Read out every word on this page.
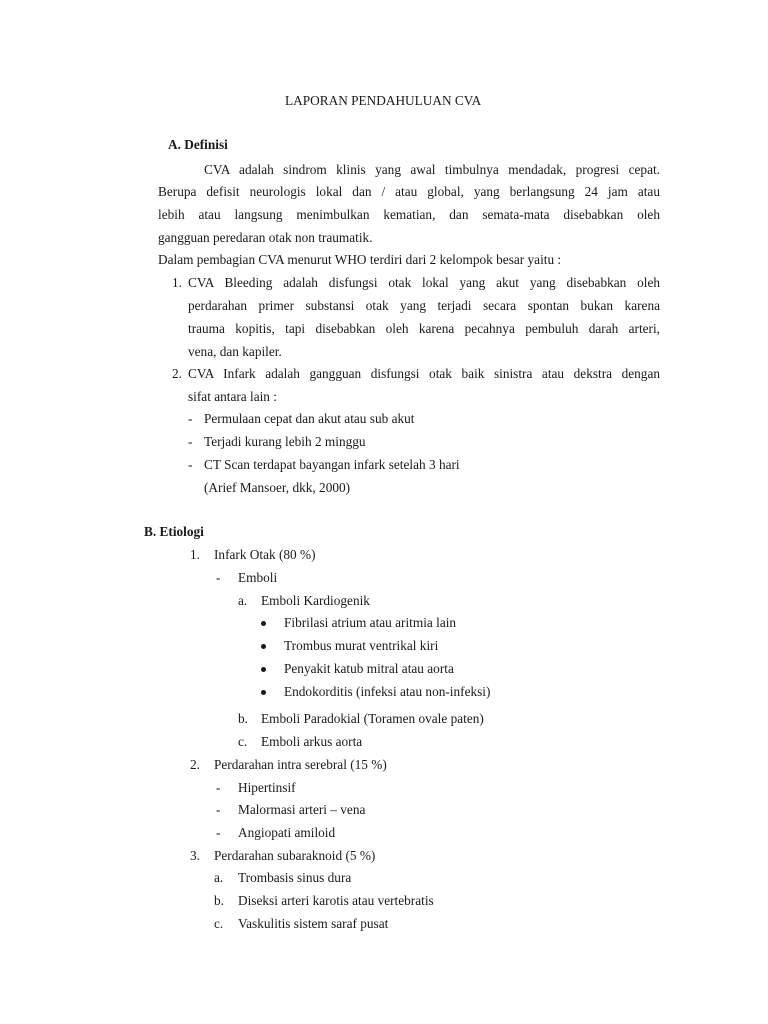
LAPORAN PENDAHULUAN CVA
A. Definisi
CVA adalah sindrom klinis yang awal timbulnya mendadak, progresi cepat.
Berupa defisit neurologis lokal dan / atau global, yang berlangsung 24 jam atau
lebih atau langsung menimbulkan kematian, dan semata-mata disebabkan oleh
gangguan peredaran otak non traumatik.
Dalam pembagian CVA menurut WHO terdiri dari 2 kelompok besar yaitu :
1. CVA Bleeding adalah disfungsi otak lokal yang akut yang disebabkan oleh
perdarahan primer substansi otak yang terjadi secara spontan bukan karena
trauma kopitis, tapi disebabkan oleh karena pecahnya pembuluh darah arteri,
vena, dan kapiler.
2. CVA Infark adalah gangguan disfungsi otak baik sinistra atau dekstra dengan
sifat antara lain :
- Permulaan cepat dan akut atau sub akut
- Terjadi kurang lebih 2 minggu
- CT Scan terdapat bayangan infark setelah 3 hari
(Arief Mansoer, dkk, 2000)
B. Etiologi
1. Infark Otak (80 %)
- Emboli
a. Emboli Kardiogenik
Fibrilasi atrium atau aritmia lain
Trombus murat ventrikal kiri
Penyakit katub mitral atau aorta
Endokorditis (infeksi atau non-infeksi)
b. Emboli Paradokial (Toramen ovale paten)
c. Emboli arkus aorta
2. Perdarahan intra serebral (15 %)
- Hipertinsif
- Malormasi arteri – vena
- Angiopati amiloid
3. Perdarahan subaraknoid (5 %)
a. Trombasis sinus dura
b. Diseksi arteri karotis atau vertebratis
c. Vaskulitis sistem saraf pusat
